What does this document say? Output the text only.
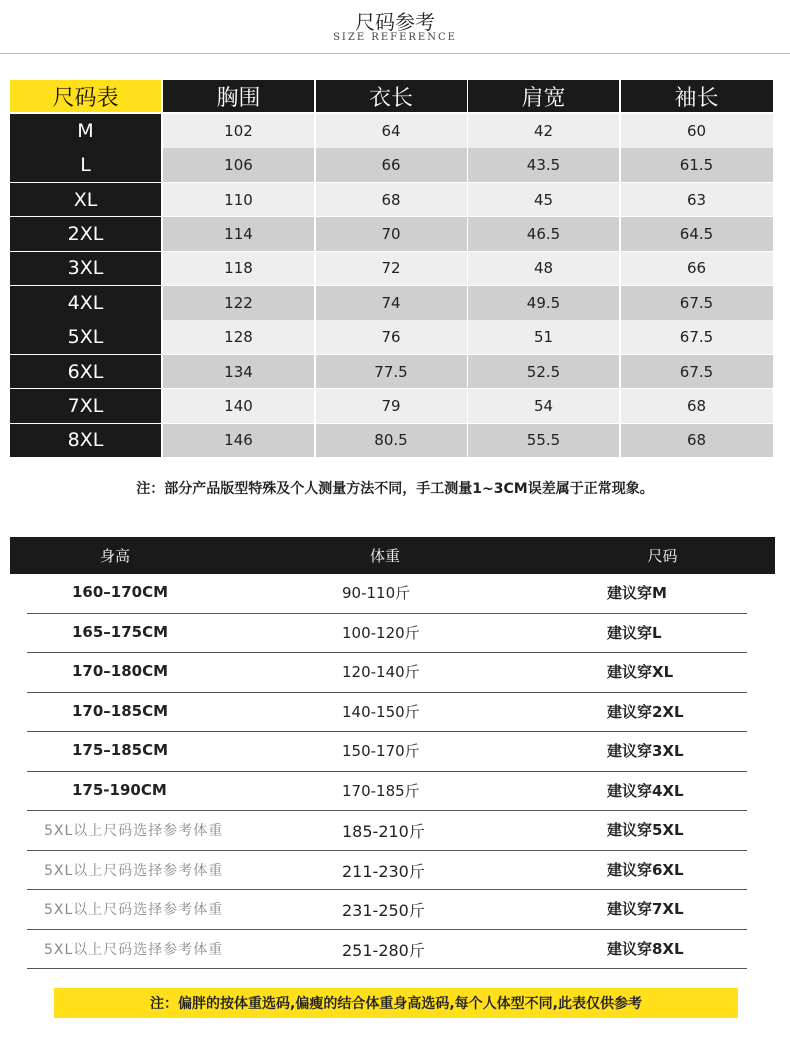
尺码参考
SIZE REFERENCE
尺码表	胸围	衣长	肩宽	袖长
M	102	64	42	60
L	106	66	43.5	61.5
XL	110	68	45	63
2XL	114	70	46.5	64.5
3XL	118	72	48	66
4XL	122	74	49.5	67.5
5XL	128	76	51	67.5
6XL	134	77.5	52.5	67.5
7XL	140	79	54	68
8XL	146	80.5	55.5	68
注：部分产品版型特殊及个人测量方法不同，手工测量1~3CM误差属于正常现象。
身高	体重	尺码
160–170CM	90-110斤	建议穿M
165–175CM	100-120斤	建议穿L
170–180CM	120-140斤	建议穿XL
170–185CM	140-150斤	建议穿2XL
175–185CM	150-170斤	建议穿3XL
175-190CM	170-185斤	建议穿4XL
5XL以上尺码选择参考体重	185-210斤	建议穿5XL
5XL以上尺码选择参考体重	211-230斤	建议穿6XL
5XL以上尺码选择参考体重	231-250斤	建议穿7XL
5XL以上尺码选择参考体重	251-280斤	建议穿8XL
注：偏胖的按体重选码,偏瘦的结合体重身高选码,每个人体型不同,此表仅供参考
